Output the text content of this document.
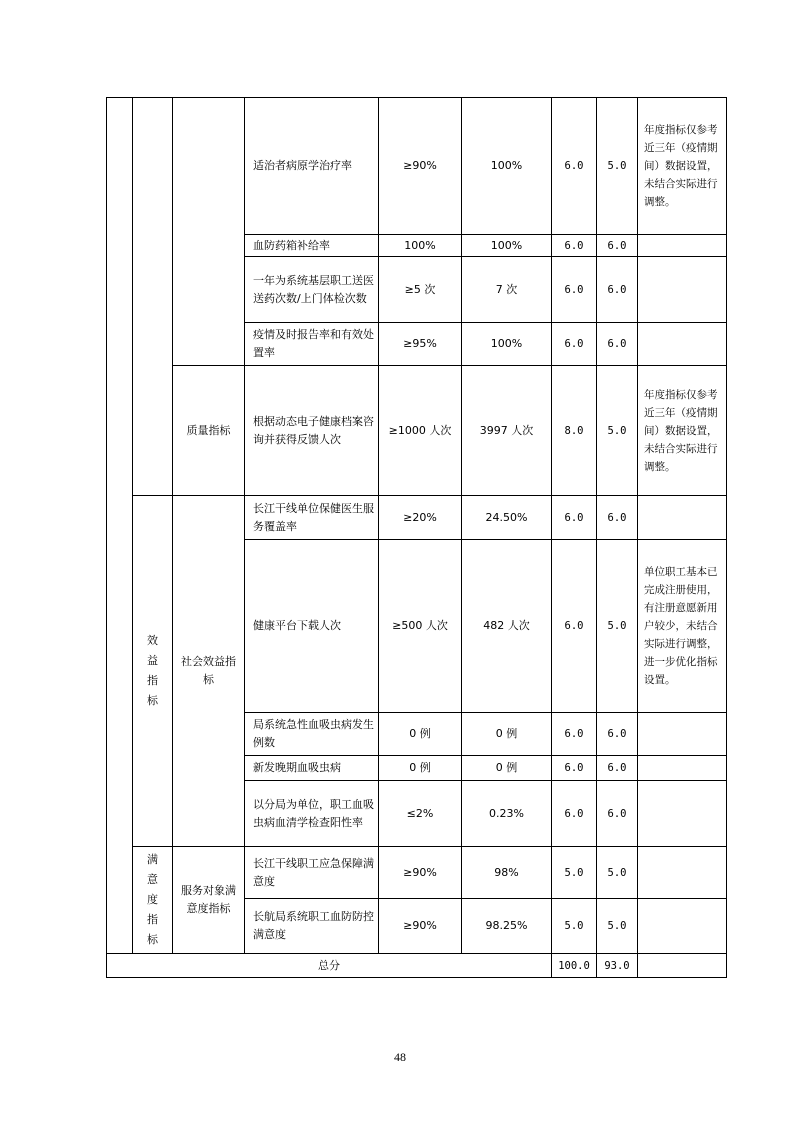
			适治者病原学治疗率	≥90%	100%	6.0	5.0	年度指标仅参考近三年（疫情期间）数据设置，未结合实际进行调整。
			血防药箱补给率	100%	100%	6.0	6.0	
			一年为系统基层职工送医送药次数/上门体检次数	≥5 次	7 次	6.0	6.0	
			疫情及时报告率和有效处置率	≥95%	100%	6.0	6.0	
		质量指标	根据动态电子健康档案咨询并获得反馈人次	≥1000 人次	3997 人次	8.0	5.0	年度指标仅参考近三年（疫情期间）数据设置，未结合实际进行调整。

	效益指标	社会效益指标	长江干线单位保健医生服务覆盖率	≥20%	24.50%	6.0	6.0	
			健康平台下载人次	≥500 人次	482 人次	6.0	5.0	单位职工基本已完成注册使用，有注册意愿新用户较少，未结合实际进行调整，进一步优化指标设置。
			局系统急性血吸虫病发生例数	0 例	0 例	6.0	6.0	
			新发晚期血吸虫病	0 例	0 例	6.0	6.0	
			以分局为单位，职工血吸虫病血清学检查阳性率	≤2%	0.23%	6.0	6.0	

	满意度指标	服务对象满意度指标	长江干线职工应急保障满意度	≥90%	98%	5.0	5.0	
			长航局系统职工血防防控满意度	≥90%	98.25%	5.0	5.0	
总分						100.0	93.0	
48
